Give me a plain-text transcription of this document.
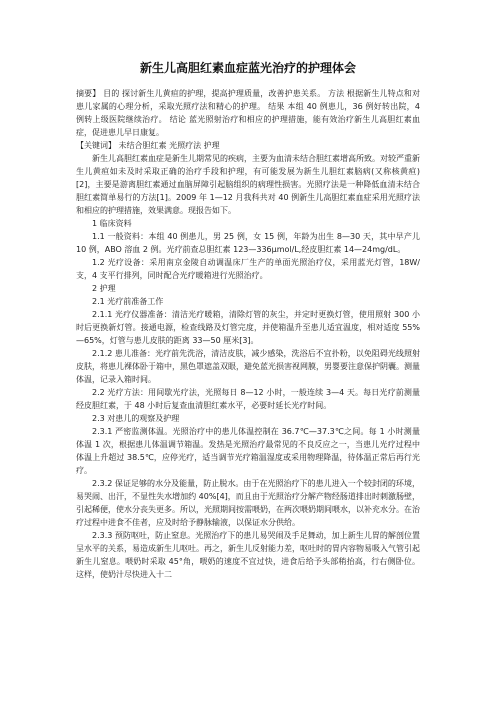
新生儿高胆红素血症蓝光治疗的护理体会

摘要】 目的 探讨新生儿黄疸的护理，提高护理质量，改善护患关系。 方法 根据新生儿特点和对患儿家属的心理分析，采取光照疗法和精心的护理。 结果 本组 40 例患儿，36 例好转出院，4 例转上级医院继续治疗。 结论 蓝光照射治疗和相应的护理措施，能有效治疗新生儿高胆红素血症，促进患儿早日康复。

【关键词】 未结合胆红素 光照疗法 护理

新生儿高胆红素血症是新生儿期常见的疾病，主要为血清未结合胆红素增高所致。对较严重新生儿黄疸如未及时采取正确的治疗手段和护理，有可能发展为新生儿胆红素脑病(又称核黄疸)[2]，主要是游离胆红素通过血脑屏障引起脑组织的病理性损害。光照疗法是一种降低血清未结合胆红素简单易行的方法[1]。2009 年 1—12 月我科共对 40 例新生儿高胆红素血症采用光照疗法和相应的护理措施，效果满意。现报告如下。

1 临床资料

1.1 一般资料：本组 40 例患儿，男 25 例，女 15 例，年龄为出生 8—30 天，其中早产儿 10 例，ABO 溶血 2 例。光疗前查总胆红素 123—336μmol/L,经皮胆红素 14—24mg/dL。

1.2 光疗设备：采用南京金陵自动调温床厂生产的单面光照治疗仪，采用蓝光灯管，18W/支，4 支平行排列，同时配合光疗暖箱进行光照治疗。

2 护理

2.1 光疗前准备工作

2.1.1 光疗仪器准备：清洁光疗暖箱，清除灯管的灰尘，并定时更换灯管，使用照射 300 小时后更换新灯管。接通电源，检查线路及灯管完度，并使箱温升至患儿适宜温度，相对适度 55%—65%，灯管与患儿皮肤的距离 33—50 厘米[3]。

2.1.2 患儿准备：光疗前先洗浴，清洁皮肤，减少感染，洗浴后不宜扑粉，以免阻碍光线照射皮肤，将患儿裸体卧于箱中，黑色罩遮盖双眼，避免蓝光损害视网膜，男婴要注意保护阴囊。测量体温，记录入箱时间。

2.2 光疗方法：用间歇光疗法，光照每日 8—12 小时，一般连续 3—4 天。每日光疗前测量经皮胆红素，于 48 小时后复查血清胆红素水平，必要时延长光疗时间。

2.3 对患儿的观察及护理

2.3.1 严密监测体温。光照治疗中的患儿体温控制在 36.7℃—37.3℃之间。每 1 小时测量体温 1 次，根据患儿体温调节箱温。发热是光照治疗最常见的不良反应之一，当患儿光疗过程中体温上升超过 38.5℃，应停光疗，适当调节光疗箱温湿度或采用物理降温，待体温正常后再行光疗。

2.3.2 保证足够的水分及能量，防止脱水。由于在光照治疗下的患儿进入一个较封闭的环境，易哭闹、出汗，不显性失水增加约 40%[4]，而且由于光照治疗分解产物经肠道排出时刺激肠壁，引起稀便，使水分丧失更多。所以，光照期间按需喂奶，在两次喂奶期间喂水，以补充水分。在治疗过程中进食不佳者，应及时给予静脉输液，以保证水分供给。

2.3.3 预防呕吐，防止窒息。光照治疗下的患儿易哭闹及手足舞动，加上新生儿胃的解剖位置呈水平的关系，易造成新生儿呕吐。再之，新生儿反射能力差，呕吐时的胃内容物易吸入气管引起新生儿窒息。喂奶时采取 45°角，喂奶的速度不宜过快，进食后给予头部稍抬高，行右侧卧位。这样，使奶汁尽快进入十二
